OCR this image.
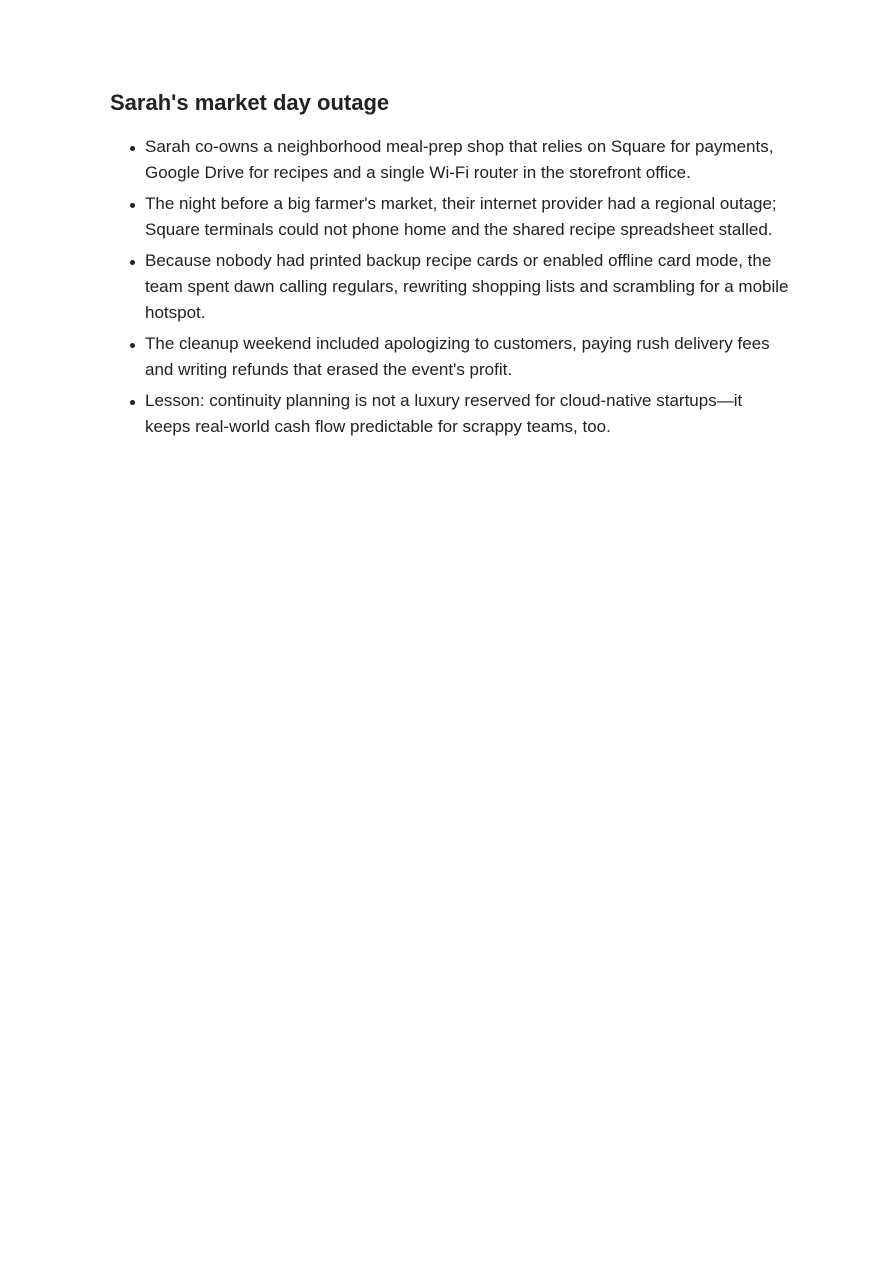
Sarah's market day outage
Sarah co-owns a neighborhood meal-prep shop that relies on Square for payments, Google Drive for recipes and a single Wi-Fi router in the storefront office.
The night before a big farmer's market, their internet provider had a regional outage; Square terminals could not phone home and the shared recipe spreadsheet stalled.
Because nobody had printed backup recipe cards or enabled offline card mode, the team spent dawn calling regulars, rewriting shopping lists and scrambling for a mobile hotspot.
The cleanup weekend included apologizing to customers, paying rush delivery fees and writing refunds that erased the event's profit.
Lesson: continuity planning is not a luxury reserved for cloud-native startups—it keeps real-world cash flow predictable for scrappy teams, too.
